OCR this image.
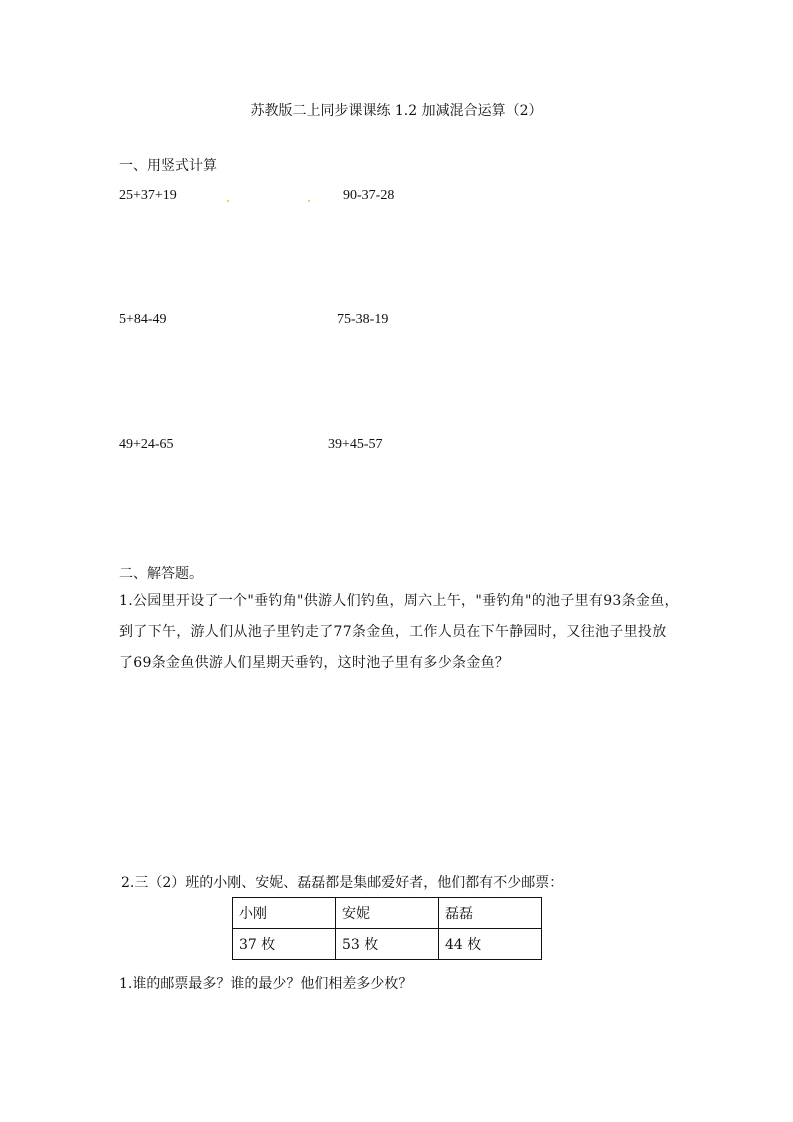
苏教版二上同步课课练 1.2 加减混合运算（2）
一、用竖式计算
25+37+19	90-37-28
5+84-49	75-38-19
49+24-65	39+45-57
二、解答题。
1.公园里开设了一个"垂钓角"供游人们钓鱼，周六上午，"垂钓角"的池子里有93条金鱼，到了下午，游人们从池子里钓走了77条金鱼，工作人员在下午静园时，又往池子里投放了69条金鱼供游人们星期天垂钓，这时池子里有多少条金鱼？
2.三（2）班的小刚、安妮、磊磊都是集邮爱好者，他们都有不少邮票：
小刚	安妮	磊磊
37 枚	53 枚	44 枚
1.谁的邮票最多？谁的最少？他们相差多少枚？
